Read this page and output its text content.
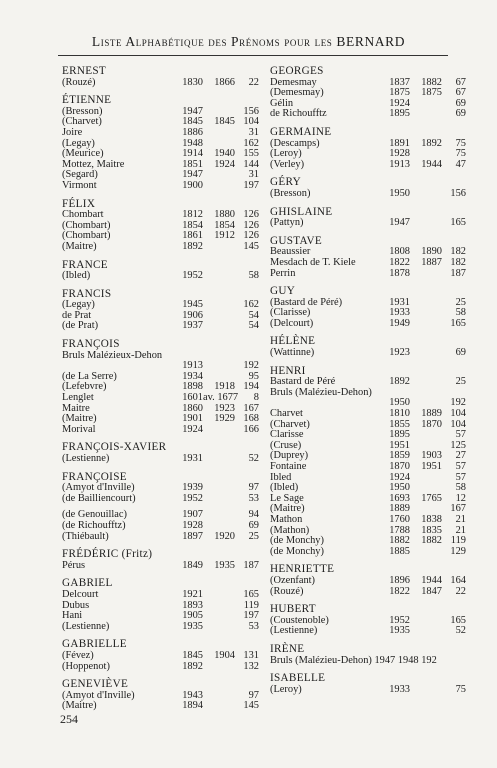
Liste Alphabétique des Prénoms pour les BERNARD
ERNEST
(Rouzé)	1830	1866	22
ÉTIENNE
(Bresson)	1947	156
(Charvet)	1845	1845 104
Joire	1886	31
(Legay)	1948	162
(Meurice)	1914	1940 155
Mottez, Maitre	1851	1924 144
(Segard)	1947	31
Virmont	1900	197
FÉLIX
Chombart	1812	1880 126
(Chombart)	1854	1854 126
(Chombart)	1861	1912 126
(Maitre)	1892	145
FRANCE
(Ibled)	1952	58
FRANCIS
(Legay)	1945	162
de Prat	1906	54
(de Prat)	1937	54
FRANÇOIS
Bruls Malézieux-Dehon
1913	192
(de La Serre)	1934	95
(Lefebvre)	1898	1918 194
Lenglet	1601 av. 1677	8
Maitre	1860	1923 167
(Maitre)	1901	1929 168
Morival	1924	166
FRANÇOIS-XAVIER
(Lestienne)	1931	52
FRANÇOISE
(Amyot d'Inville)	1939	97
(de Bailliencourt)	1952	53
(de Genouillac)	1907	94
(de Richoufftz)	1928	69
(Thiébault)	1897	1920	25
FRÉDÉRIC (Fritz)
Pérus	1849	1935 187
GABRIEL
Delcourt	1921	165
Dubus	1893	119
Hani	1905	197
(Lestienne)	1935	53
GABRIELLE
(Févez)	1845	1904 131
(Hoppenot)	1892	132
GENEVIÈVE
(Amyot d'Inville)	1943	97
(Maitre)	1894	145
GEORGES
Demesmay	1837	1882	67
(Demesmay)	1875	1875	67
Gélin	1924	69
de Richoufftz	1895	69
GERMAINE
(Descamps)	1891	1892	75
(Leroy)	1928	75
(Verley)	1913	1944	47
GÉRY
(Bresson)	1950	156
GHISLAINE
(Pattyn)	1947	165
GUSTAVE
Beaussier	1808	1890 182
Mesdach de T. Kiele	1822	1887 182
Perrin	1878	187
GUY
(Bastard de Péré)	1931	25
(Clarisse)	1933	58
(Delcourt)	1949	165
HÉLÈNE
(Wattinne)	1923	69
HENRI
Bastard de Péré	1892	25
Bruls (Malézieu-Dehon)
1950	192
Charvet	1810	1889 104
(Charvet)	1855	1870 104
Clarisse	1895	57
(Cruse)	1951	125
(Duprey)	1859	1903	27
Fontaine	1870	1951	57
Ibled	1924	57
(Ibled)	1950	58
Le Sage	1693	1765	12
(Maitre)	1889	167
Mathon	1760	1838	21
(Mathon)	1788	1835	21
(de Monchy)	1882	1882 119
(de Monchy)	1885	129
HENRIETTE
(Ozenfant)	1896	1944 164
(Rouzé)	1822	1847	22
HUBERT
(Coustenoble)	1952	165
(Lestienne)	1935	52
IRÈNE
Bruls (Malézieu-Dehon) 1947 1948 192
ISABELLE
(Leroy)	1933	75
254
